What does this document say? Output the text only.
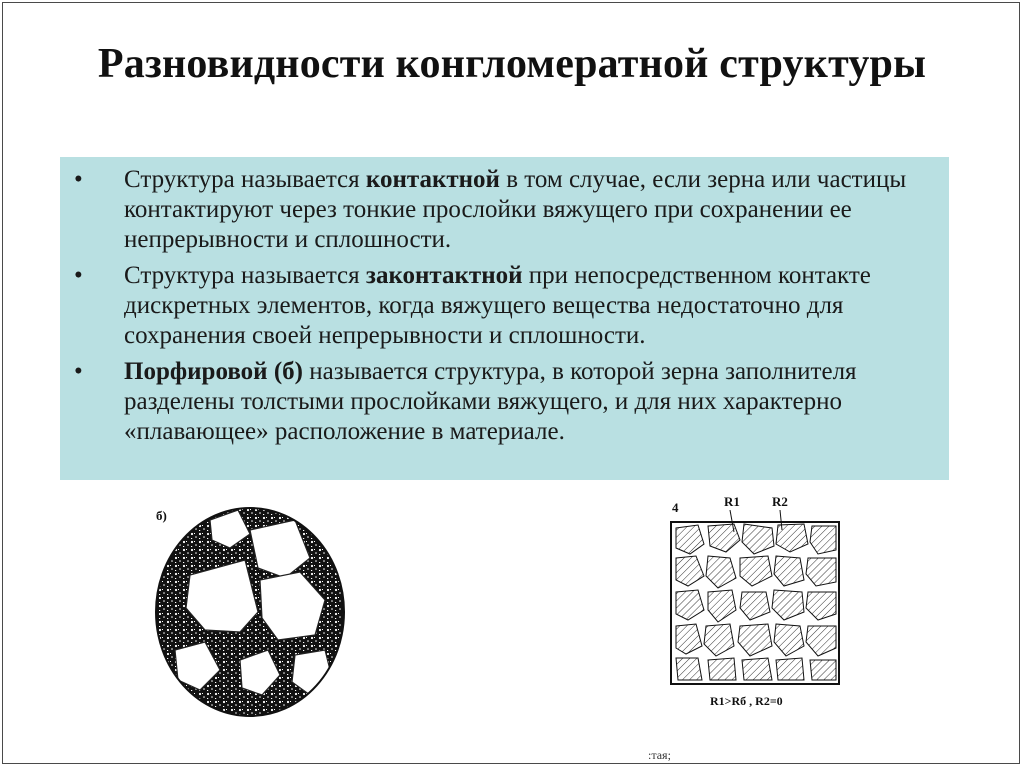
Разновидности конгломератной структуры
• Структура называется контактной в том случае, если зерна или частицы контактируют через тонкие прослойки вяжущего при сохранении ее непрерывности и сплошности.
• Структура называется законтактной при непосредственном контакте дискретных элементов, когда вяжущего вещества недостаточно для сохранения своей непрерывности и сплошности.
• Порфировой (б) называется структура, в которой зерна заполнителя разделены толстыми прослойками вяжущего, и для них характерно «плавающее» расположение в материале.
б)
4	R1 R2
R1>Rб , R2=0
:тая;
